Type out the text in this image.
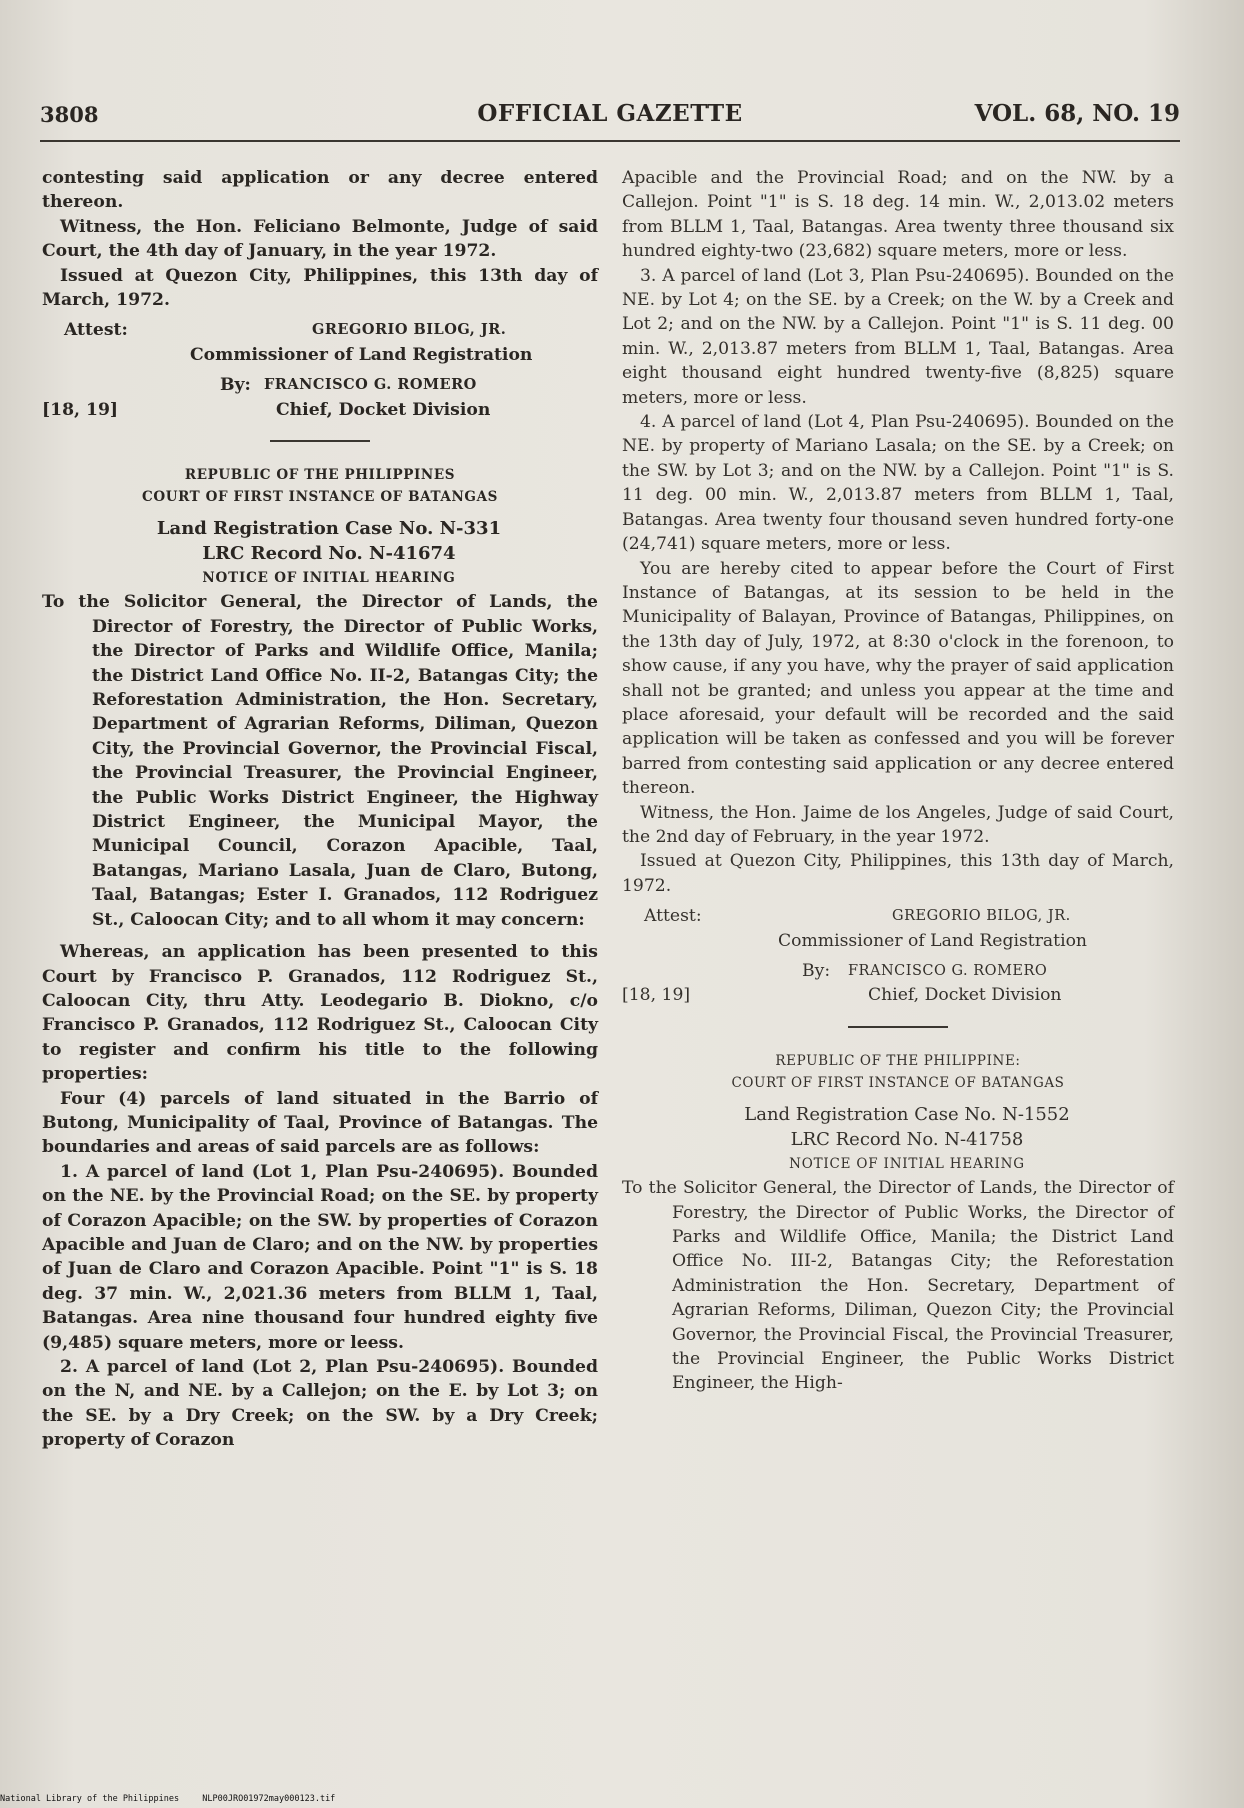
OFFICIAL GAZETTE
3808	VOL. 68, NO. 19

contesting said application or any decree entered thereon.

Witness, the Hon. Feliciano Belmonte, Judge of said Court, the 4th day of January, in the year 1972.

Issued at Quezon City, Philippines, this 13th day of March, 1972.

Attest:	GREGORIO BILOG, JR.
Commissioner of Land Registration
By: FRANCISCO G. ROMERO
[18, 19]	Chief, Docket Division

REPUBLIC OF THE PHILIPPINES

COURT OF FIRST INSTANCE OF BATANGAS

Land Registration Case No. N-331

LRC Record No. N-41674

NOTICE OF INITIAL HEARING

To the Solicitor General, the Director of Lands, the Director of Forestry, the Director of Public Works, the Director of Parks and Wildlife Office, Manila; the District Land Office No. II-2, Batangas City; the Reforestation Administration, the Hon. Secretary, Department of Agrarian Reforms, Diliman, Quezon City, the Provincial Governor, the Provincial Fiscal, the Provincial Treasurer, the Provincial Engineer, the Public Works District Engineer, the Highway District Engineer, the Municipal Mayor, the Municipal Council, Corazon Apacible, Taal, Batangas, Mariano Lasala, Juan de Claro, Butong, Taal, Batangas; Ester I. Granados, 112 Rodriguez St., Caloocan City; and to all whom it may concern:

Whereas, an application has been presented to this Court by Francisco P. Granados, 112 Rodriguez St., Caloocan City, thru Atty. Leodegario B. Diokno, c/o Francisco P. Granados, 112 Rodriguez St., Caloocan City to register and confirm his title to the following properties:

Four (4) parcels of land situated in the Barrio of Butong, Municipality of Taal, Province of Batangas. The boundaries and areas of said parcels are as follows:

1. A parcel of land (Lot 1, Plan Psu-240695). Bounded on the NE. by the Provincial Road; on the SE. by property of Corazon Apacible; on the SW. by properties of Corazon Apacible and Juan de Claro; and on the NW. by properties of Juan de Claro and Corazon Apacible. Point "1" is S. 18 deg. 37 min. W., 2,021.36 meters from BLLM 1, Taal, Batangas. Area nine thousand four hundred eighty five (9,485) square meters, more or leess.

2. A parcel of land (Lot 2, Plan Psu-240695). Bounded on the N, and NE. by a Callejon; on the E. by Lot 3; on the SE. by a Dry Creek; on the SW. by a Dry Creek; property of Corazon

Apacible and the Provincial Road; and on the NW. by a Callejon. Point "1" is S. 18 deg. 14 min. W., 2,013.02 meters from BLLM 1, Taal, Batangas. Area twenty three thousand six hundred eighty-two (23,682) square meters, more or less.

3. A parcel of land (Lot 3, Plan Psu-240695). Bounded on the NE. by Lot 4; on the SE. by a Creek; on the W. by a Creek and Lot 2; and on the NW. by a Callejon. Point "1" is S. 11 deg. 00 min. W., 2,013.87 meters from BLLM 1, Taal, Batangas. Area eight thousand eight hundred twenty-five (8,825) square meters, more or less.

4. A parcel of land (Lot 4, Plan Psu-240695). Bounded on the NE. by property of Mariano Lasala; on the SE. by a Creek; on the SW. by Lot 3; and on the NW. by a Callejon. Point "1" is S. 11 deg. 00 min. W., 2,013.87 meters from BLLM 1, Taal, Batangas. Area twenty four thousand seven hundred forty-one (24,741) square meters, more or less.

You are hereby cited to appear before the Court of First Instance of Batangas, at its session to be held in the Municipality of Balayan, Province of Batangas, Philippines, on the 13th day of July, 1972, at 8:30 o'clock in the forenoon, to show cause, if any you have, why the prayer of said application shall not be granted; and unless you appear at the time and place aforesaid, your default will be recorded and the said application will be taken as confessed and you will be forever barred from contesting said application or any decree entered thereon.

Witness, the Hon. Jaime de los Angeles, Judge of said Court, the 2nd day of February, in the year 1972.

Issued at Quezon City, Philippines, this 13th day of March, 1972.

Attest:	GREGORIO BILOG, JR.
Commissioner of Land Registration
By: FRANCISCO G. ROMERO
[18, 19]	Chief, Docket Division

REPUBLIC OF THE PHILIPPINE:

COURT OF FIRST INSTANCE OF BATANGAS

Land Registration Case No. N-1552

LRC Record No. N-41758

NOTICE OF INITIAL HEARING

To the Solicitor General, the Director of Lands, the Director of Forestry, the Director of Public Works, the Director of Parks and Wildlife Office, Manila; the District Land Office No. III-2, Batangas City; the Reforestation Administration the Hon. Secretary, Department of Agrarian Reforms, Diliman, Quezon City; the Provincial Governor, the Provincial Fiscal, the Provincial Treasurer, the Provincial Engineer, the Public Works District Engineer, the High-

National Library of the Philippines	NLP00JRO01972may000123.tif
